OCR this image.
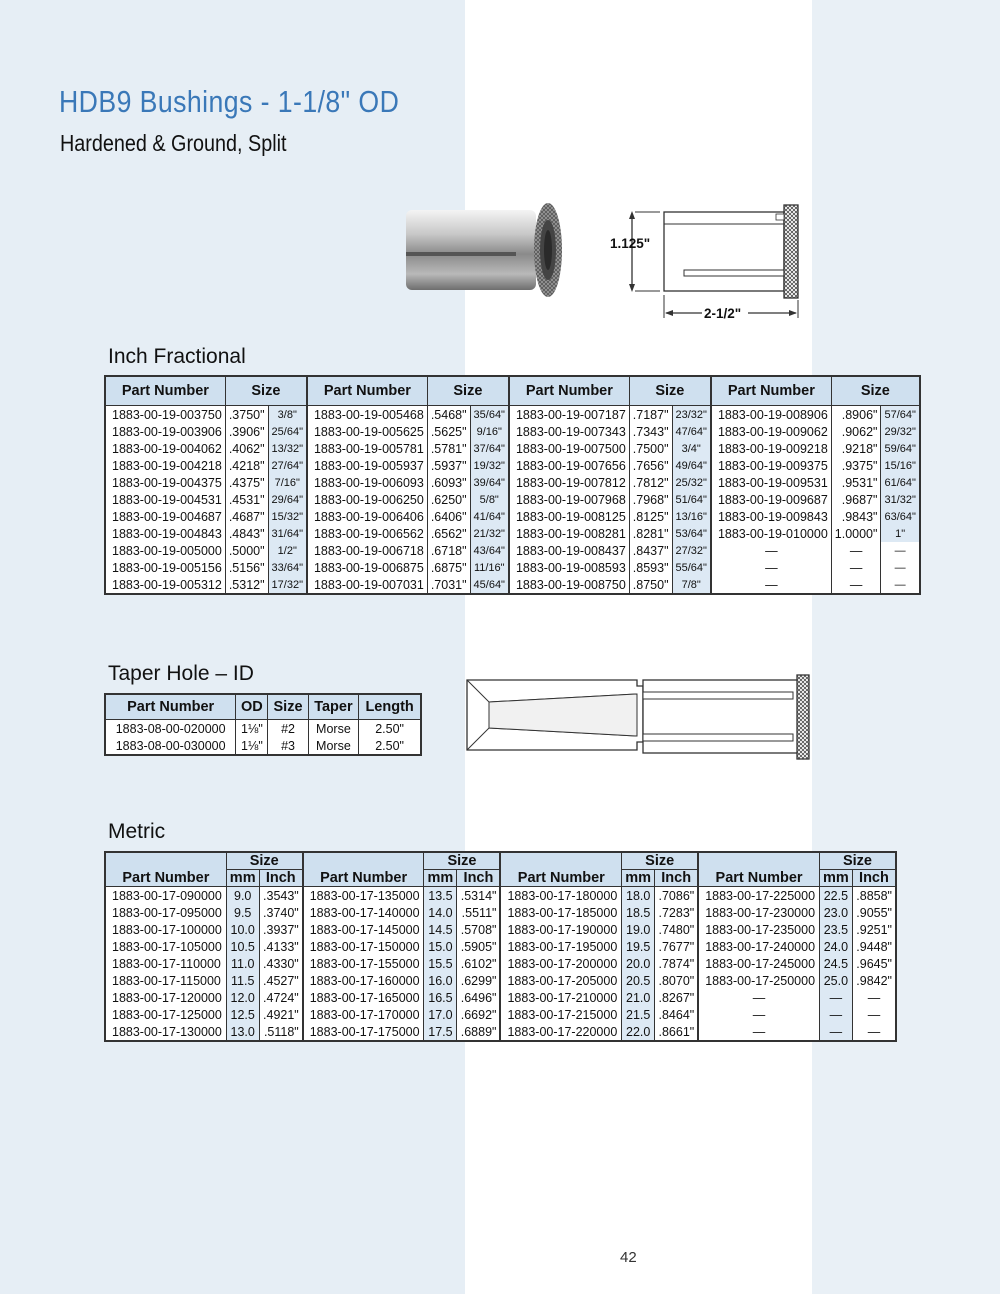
HDB9 Bushings - 1-1/8" OD
Hardened & Ground, Split
1.125"
2-1/2"
Inch Fractional
Part Number	Size		Part Number	Size		Part Number	Size		Part Number	Size	
1883-00-19-003750	.3750"	3/8"	1883-00-19-005468	.5468"	35/64"	1883-00-19-007187	.7187"	23/32"	1883-00-19-008906	.8906"	57/64"
1883-00-19-003906	.3906"	25/64"	1883-00-19-005625	.5625"	9/16"	1883-00-19-007343	.7343"	47/64"	1883-00-19-009062	.9062"	29/32"
1883-00-19-004062	.4062"	13/32"	1883-00-19-005781	.5781"	37/64"	1883-00-19-007500	.7500"	3/4"	1883-00-19-009218	.9218"	59/64"
1883-00-19-004218	.4218"	27/64"	1883-00-19-005937	.5937"	19/32"	1883-00-19-007656	.7656"	49/64"	1883-00-19-009375	.9375"	15/16"
1883-00-19-004375	.4375"	7/16"	1883-00-19-006093	.6093"	39/64"	1883-00-19-007812	.7812"	25/32"	1883-00-19-009531	.9531"	61/64"
1883-00-19-004531	.4531"	29/64"	1883-00-19-006250	.6250"	5/8"	1883-00-19-007968	.7968"	51/64"	1883-00-19-009687	.9687"	31/32"
1883-00-19-004687	.4687"	15/32"	1883-00-19-006406	.6406"	41/64"	1883-00-19-008125	.8125"	13/16"	1883-00-19-009843	.9843"	63/64"
1883-00-19-004843	.4843"	31/64"	1883-00-19-006562	.6562"	21/32"	1883-00-19-008281	.8281"	53/64"	1883-00-19-010000	1.0000"	1"
1883-00-19-005000	.5000"	1/2"	1883-00-19-006718	.6718"	43/64"	1883-00-19-008437	.8437"	27/32"	—	—	—
1883-00-19-005156	.5156"	33/64"	1883-00-19-006875	.6875"	11/16"	1883-00-19-008593	.8593"	55/64"	—	—	—
1883-00-19-005312	.5312"	17/32"	1883-00-19-007031	.7031"	45/64"	1883-00-19-008750	.8750"	7/8"	—	—	—
Taper Hole – ID
Part Number	OD	Size	Taper	Length
1883-08-00-020000	1⅛"	#2	Morse	2.50"
1883-08-00-030000	1⅛"	#3	Morse	2.50"
Metric
Part Number	Size		Part Number	Size		Part Number	Size		Part Number	Size	
	mm	Inch		mm	Inch		mm	Inch		mm	Inch
1883-00-17-090000	9.0	.3543"	1883-00-17-135000	13.5	.5314"	1883-00-17-180000	18.0	.7086"	1883-00-17-225000	22.5	.8858"
1883-00-17-095000	9.5	.3740"	1883-00-17-140000	14.0	.5511"	1883-00-17-185000	18.5	.7283"	1883-00-17-230000	23.0	.9055"
1883-00-17-100000	10.0	.3937"	1883-00-17-145000	14.5	.5708"	1883-00-17-190000	19.0	.7480"	1883-00-17-235000	23.5	.9251"
1883-00-17-105000	10.5	.4133"	1883-00-17-150000	15.0	.5905"	1883-00-17-195000	19.5	.7677"	1883-00-17-240000	24.0	.9448"
1883-00-17-110000	11.0	.4330"	1883-00-17-155000	15.5	.6102"	1883-00-17-200000	20.0	.7874"	1883-00-17-245000	24.5	.9645"
1883-00-17-115000	11.5	.4527"	1883-00-17-160000	16.0	.6299"	1883-00-17-205000	20.5	.8070"	1883-00-17-250000	25.0	.9842"
1883-00-17-120000	12.0	.4724"	1883-00-17-165000	16.5	.6496"	1883-00-17-210000	21.0	.8267"	—	—	—
1883-00-17-125000	12.5	.4921"	1883-00-17-170000	17.0	.6692"	1883-00-17-215000	21.5	.8464"	—	—	—
1883-00-17-130000	13.0	.5118"	1883-00-17-175000	17.5	.6889"	1883-00-17-220000	22.0	.8661"	—	—	—
42
